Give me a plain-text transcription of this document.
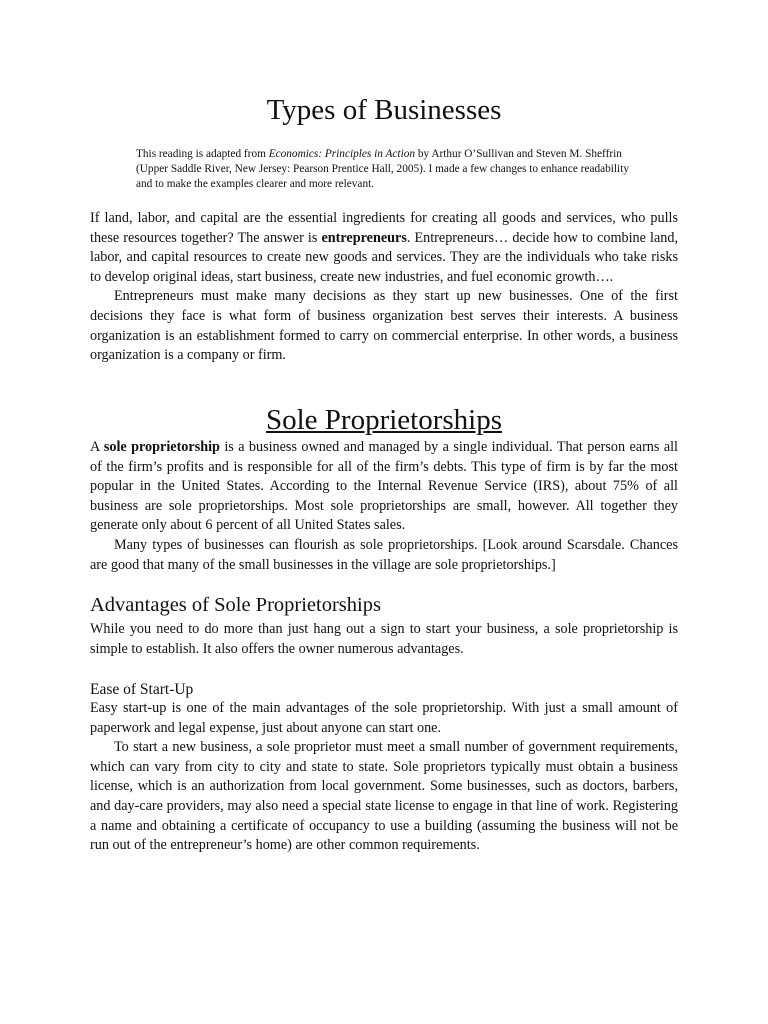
Types of Businesses

This reading is adapted from Economics: Principles in Action by Arthur O’Sullivan and Steven M. Sheffrin (Upper Saddle River, New Jersey: Pearson Prentice Hall, 2005). I made a few changes to enhance readability and to make the examples clearer and more relevant.

If land, labor, and capital are the essential ingredients for creating all goods and services, who pulls these resources together? The answer is entrepreneurs. Entrepreneurs… decide how to combine land, labor, and capital resources to create new goods and services. They are the individuals who take risks to develop original ideas, start business, create new industries, and fuel economic growth….

Entrepreneurs must make many decisions as they start up new businesses. One of the first decisions they face is what form of business organization best serves their interests. A business organization is an establishment formed to carry on commercial enterprise. In other words, a business organization is a company or firm.

Sole Proprietorships

A sole proprietorship is a business owned and managed by a single individual. That person earns all of the firm’s profits and is responsible for all of the firm’s debts. This type of firm is by far the most popular in the United States. According to the Internal Revenue Service (IRS), about 75% of all business are sole proprietorships. Most sole proprietorships are small, however. All together they generate only about 6 percent of all United States sales.

Many types of businesses can flourish as sole proprietorships. [Look around Scarsdale. Chances are good that many of the small businesses in the village are sole proprietorships.]

Advantages of Sole Proprietorships

While you need to do more than just hang out a sign to start your business, a sole proprietorship is simple to establish. It also offers the owner numerous advantages.

Ease of Start-Up

Easy start-up is one of the main advantages of the sole proprietorship. With just a small amount of paperwork and legal expense, just about anyone can start one.

To start a new business, a sole proprietor must meet a small number of government requirements, which can vary from city to city and state to state. Sole proprietors typically must obtain a business license, which is an authorization from local government. Some businesses, such as doctors, barbers, and day-care providers, may also need a special state license to engage in that line of work. Registering a name and obtaining a certificate of occupancy to use a building (assuming the business will not be run out of the entrepreneur’s home) are other common requirements.
